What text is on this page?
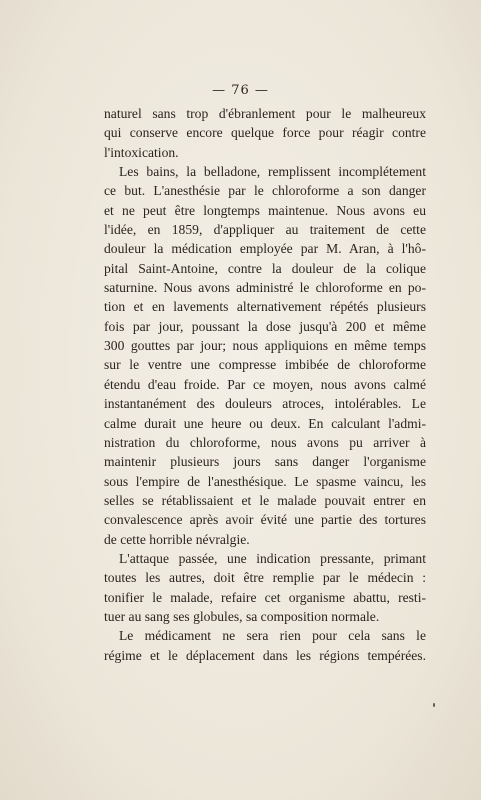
— 76 —
naturel sans trop d'ébranlement pour le malheureux
qui conserve encore quelque force pour réagir contre
l'intoxication.
Les bains, la belladone, remplissent incomplétement
ce but. L'anesthésie par le chloroforme a son danger
et ne peut être longtemps maintenue. Nous avons eu
l'idée, en 1859, d'appliquer au traitement de cette
douleur la médication employée par M. Aran, à l'hô-
pital Saint-Antoine, contre la douleur de la colique
saturnine. Nous avons administré le chloroforme en po-
tion et en lavements alternativement répétés plusieurs
fois par jour, poussant la dose jusqu'à 200 et même
300 gouttes par jour; nous appliquions en même temps
sur le ventre une compresse imbibée de chloroforme
étendu d'eau froide. Par ce moyen, nous avons calmé
instantanément des douleurs atroces, intolérables. Le
calme durait une heure ou deux. En calculant l'admi-
nistration du chloroforme, nous avons pu arriver à
maintenir plusieurs jours sans danger l'organisme
sous l'empire de l'anesthésique. Le spasme vaincu, les
selles se rétablissaient et le malade pouvait entrer en
convalescence après avoir évité une partie des tortures
de cette horrible névralgie.
L'attaque passée, une indication pressante, primant
toutes les autres, doit être remplie par le médecin :
tonifier le malade, refaire cet organisme abattu, resti-
tuer au sang ses globules, sa composition normale.
Le médicament ne sera rien pour cela sans le
régime et le déplacement dans les régions tempérées.
